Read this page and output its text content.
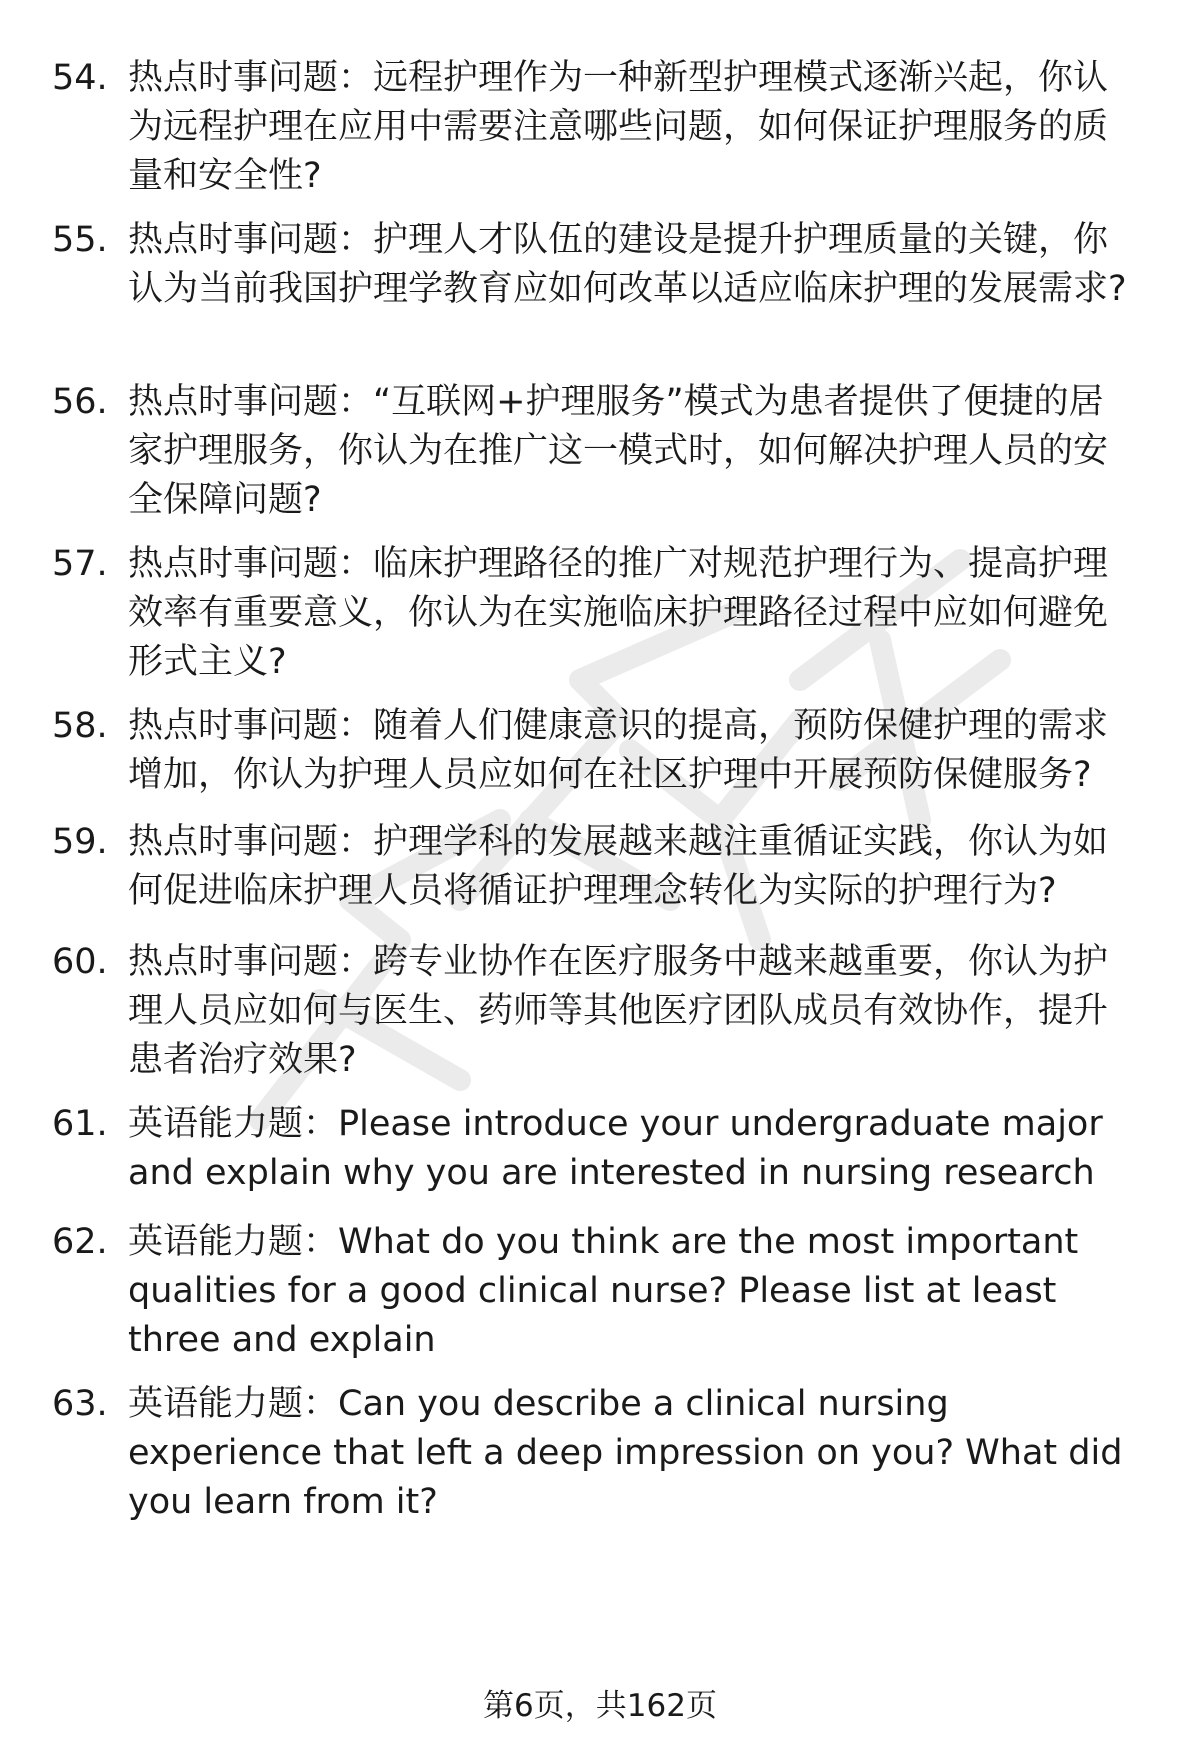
54. 热点时事问题：远程护理作为一种新型护理模式逐渐兴起，你认为远程护理在应用中需要注意哪些问题，如何保证护理服务的质量和安全性?
55. 热点时事问题：护理人才队伍的建设是提升护理质量的关键，你认为当前我国护理学教育应如何改革以适应临床护理的发展需求?
56. 热点时事问题：“互联网+护理服务”模式为患者提供了便捷的居家护理服务，你认为在推广这一模式时，如何解决护理人员的安全保障问题?
57. 热点时事问题：临床护理路径的推广对规范护理行为、提高护理效率有重要意义，你认为在实施临床护理路径过程中应如何避免形式主义?
58. 热点时事问题：随着人们健康意识的提高，预防保健护理的需求增加，你认为护理人员应如何在社区护理中开展预防保健服务?
59. 热点时事问题：护理学科的发展越来越注重循证实践，你认为如何促进临床护理人员将循证护理理念转化为实际的护理行为?
60. 热点时事问题：跨专业协作在医疗服务中越来越重要，你认为护理人员应如何与医生、药师等其他医疗团队成员有效协作，提升患者治疗效果?
61. 英语能力题：Please introduce your undergraduate major and explain why you are interested in nursing research
62. 英语能力题：What do you think are the most important qualities for a good clinical nurse? Please list at least three and explain
63. 英语能力题：Can you describe a clinical nursing experience that left a deep impression on you? What did you learn from it?
第6页，共162页
